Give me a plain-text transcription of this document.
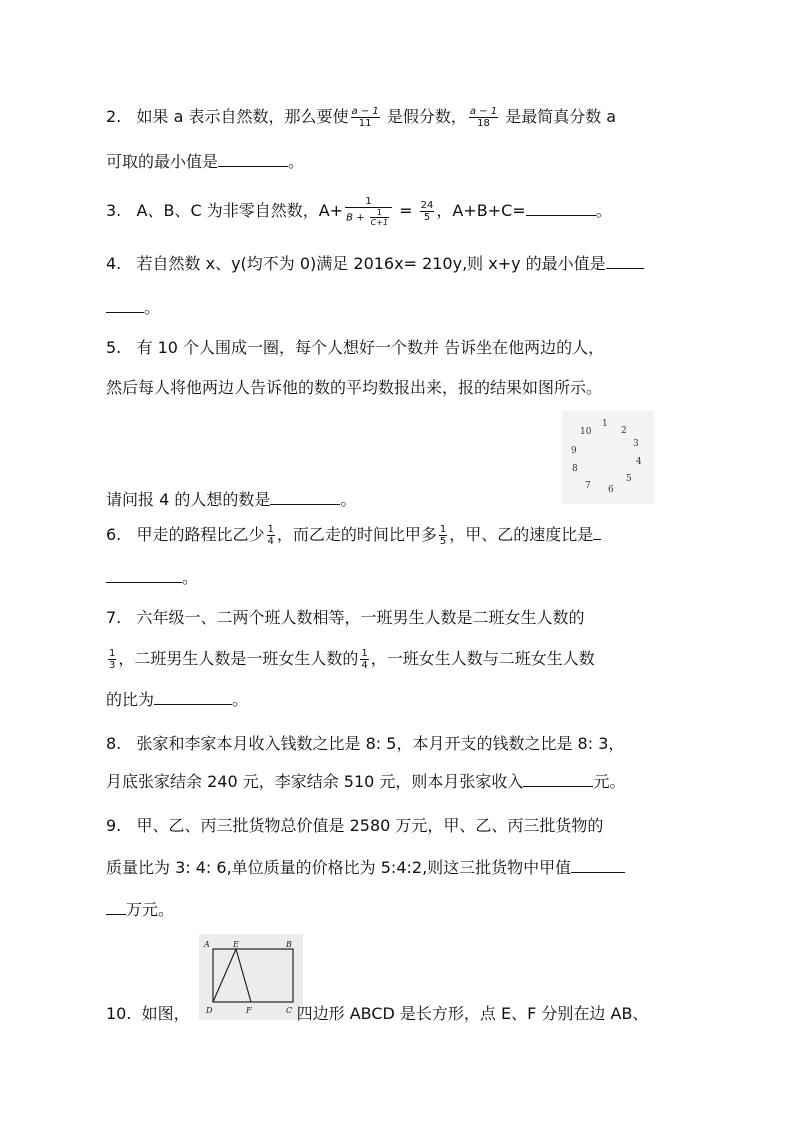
2.   如果 a 表示自然数，那么要使 $\frac{a - 1}{11}$ 是假分数， $\frac{a - 1}{18}$ 是最简真分数 a
可取的最小值是	。
3.   A、B、C 为非零自然数，$A+ \frac{1}{B + \frac{1}{C+1}} = \frac{24}{5}$ ，A+B+C=	。
4.   若自然数 x、y(均不为 0)满足 2016x= 210y,则 x+y 的最小值是
。
5.   有 10 个人围成一圈，每个人想好一个数并 告诉坐在他两边的人，
然后每人将他两边人告诉他的数的平均数报出来，报的结果如图所示。
1
2
3
4
5
6
7
8
9
10
请问报 4 的人想的数是	。
6.   甲走的路程比乙少 $\frac{1}{4}$ ，而乙走的时间比甲多 $\frac{1}{5}$ ，甲、乙的速度比是
。
7.   六年级一、二两个班人数相等，一班男生人数是二班女生人数的
$\frac{1}{3}$ ，二班男生人数是一班女生人数的 $\frac{1}{4}$ ，一班女生人数与二班女生人数
的比为	。
8.   张家和李家本月收入钱数之比是 8: 5，本月开支的钱数之比是 8: 3，
月底张家结余 240 元，李家结余 510 元，则本月张家收入	元。
9.   甲、乙、丙三批货物总价值是 2580 万元，甲、乙、丙三批货物的
质量比为 3: 4: 6,单位质量的价格比为 5:4:2,则这三批货物中甲值
万元。
A	E	B
D	F	C
10.  如图，	四边形 ABCD 是长方形，点 E、F 分别在边 AB、
